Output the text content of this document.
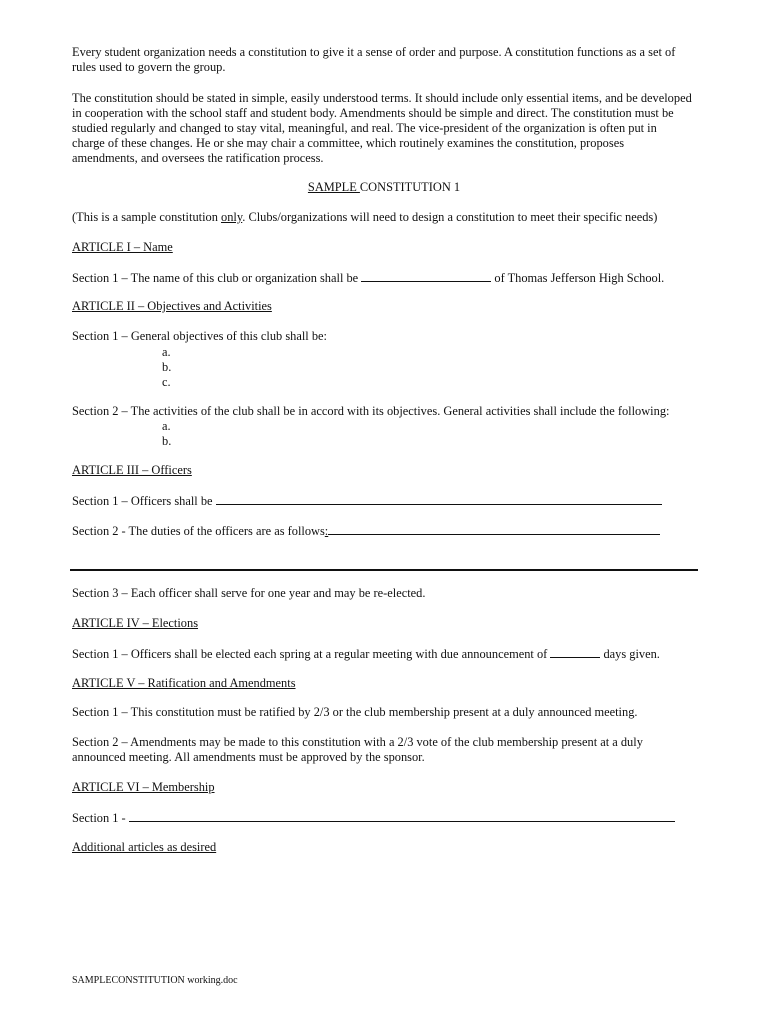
Every student organization needs a constitution to give it a sense of order and purpose. A constitution functions as a set of rules used to govern the group.

The constitution should be stated in simple, easily understood terms. It should include only essential items, and be developed in cooperation with the school staff and student body. Amendments should be simple and direct. The constitution must be studied regularly and changed to stay vital, meaningful, and real. The vice-president of the organization is often put in charge of these changes. He or she may chair a committee, which routinely examines the constitution, proposes amendments, and oversees the ratification process.

SAMPLE CONSTITUTION 1

(This is a sample constitution only. Clubs/organizations will need to design a constitution to meet their specific needs)

ARTICLE I – Name

Section 1 – The name of this club or organization shall be	of Thomas Jefferson High School.

ARTICLE II – Objectives and Activities

Section 1 – General objectives of this club shall be:

a.

b.

c.

Section 2 – The activities of the club shall be in accord with its objectives. General activities shall include the following:

a.

b.

ARTICLE III – Officers

Section 1 – Officers shall be

Section 2 - The duties of the officers are as follows:

Section 3 – Each officer shall serve for one year and may be re-elected.

ARTICLE IV – Elections

Section 1 – Officers shall be elected each spring at a regular meeting with due announcement of	days given.

ARTICLE V – Ratification and Amendments

Section 1 – This constitution must be ratified by 2/3 or the club membership present at a duly announced meeting.

Section 2 – Amendments may be made to this constitution with a 2/3 vote of the club membership present at a duly announced meeting. All amendments must be approved by the sponsor.

ARTICLE VI – Membership

Section 1 -

Additional articles as desired

SAMPLECONSTITUTION working.doc
